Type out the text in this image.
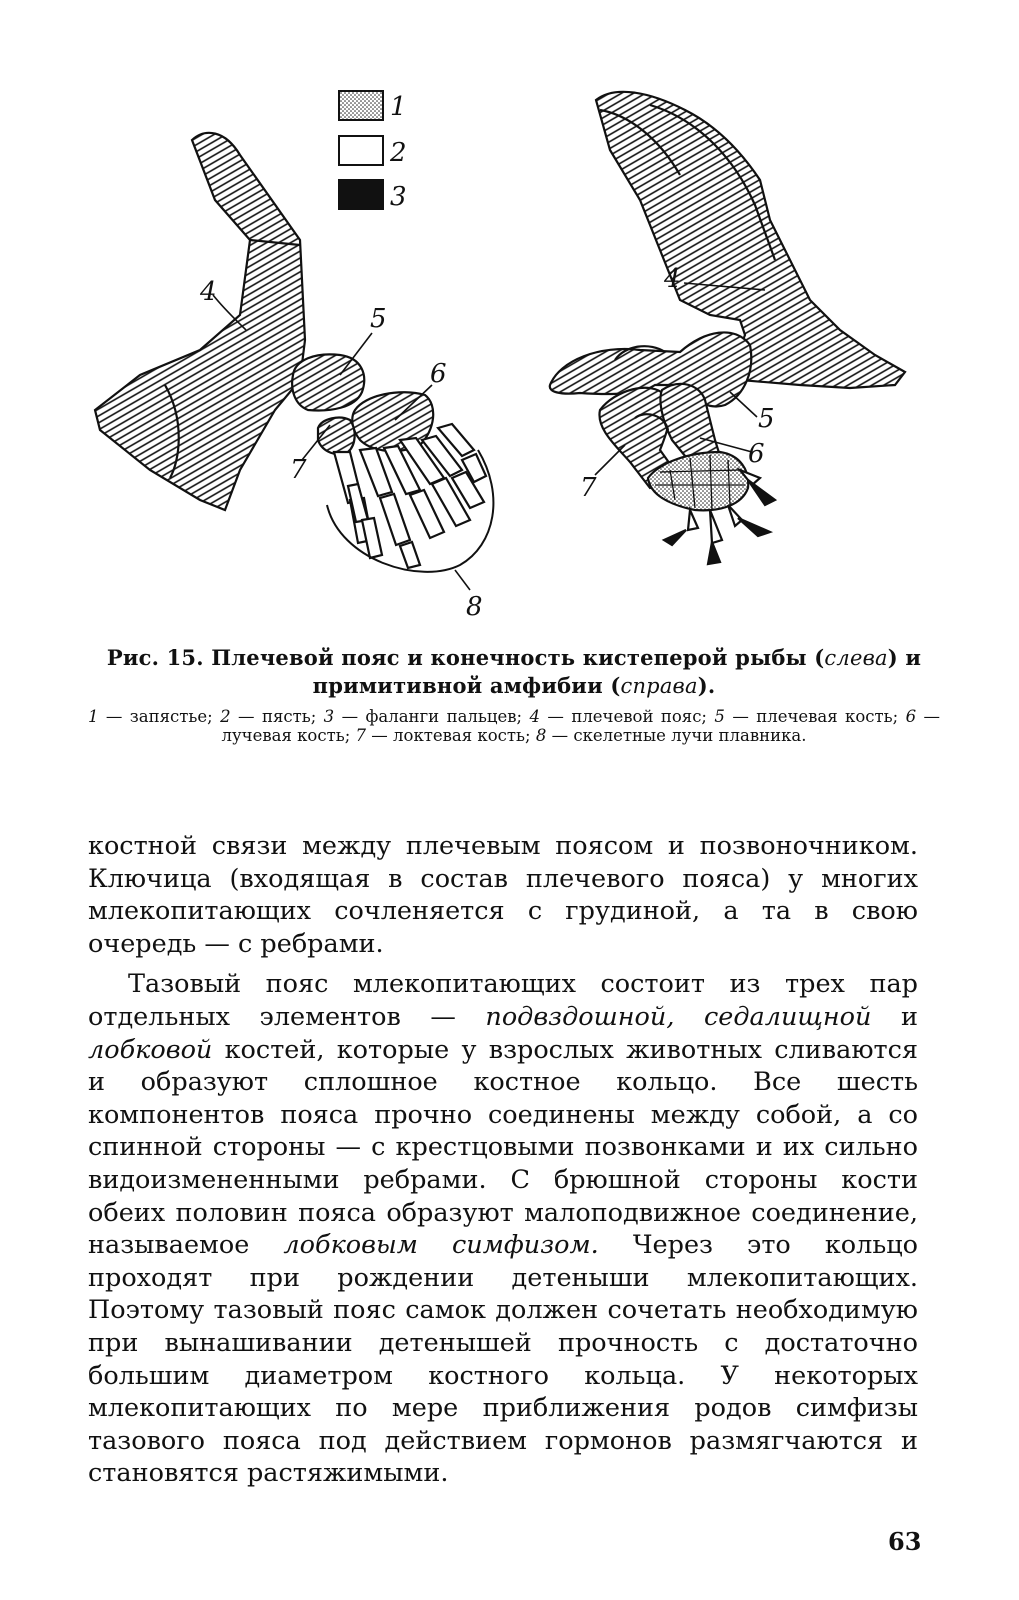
1
2
3
4
5
6
7
8
4
5
6
7
Рис. 15. Плечевой пояс и конечность кистеперой рыбы (слева) и примитивной амфибии (справа).
1 — запястье; 2 — пясть; 3 — фаланги пальцев; 4 — плечевой пояс; 5 — плечевая кость; 6 — лучевая кость; 7 — локтевая кость; 8 — скелетные лучи плавника.

костной связи между плечевым поясом и позвоночником. Ключица (входящая в состав плечевого пояса) у многих млекопитающих сочленяется с грудиной, а та в свою очередь — с ребрами.

Тазовый пояс млекопитающих состоит из трех пар отдельных элементов — подвздошной, седалищной и лобковой костей, которые у взрослых животных сливаются и образуют сплошное костное кольцо. Все шесть компонентов пояса прочно соединены между собой, а со спинной стороны — с крестцовыми позвонками и их сильно видоизмененными ребрами. С брюшной стороны кости обеих половин пояса образуют малоподвижное соединение, называемое лобковым симфизом. Через это кольцо проходят при рождении детеныши млекопитающих. Поэтому тазовый пояс самок должен сочетать необходимую при вынашивании детенышей прочность с достаточно большим диаметром костного кольца. У некоторых млекопитающих по мере приближения родов симфизы тазового пояса под действием гормонов размягчаются и становятся растяжимыми.

63
